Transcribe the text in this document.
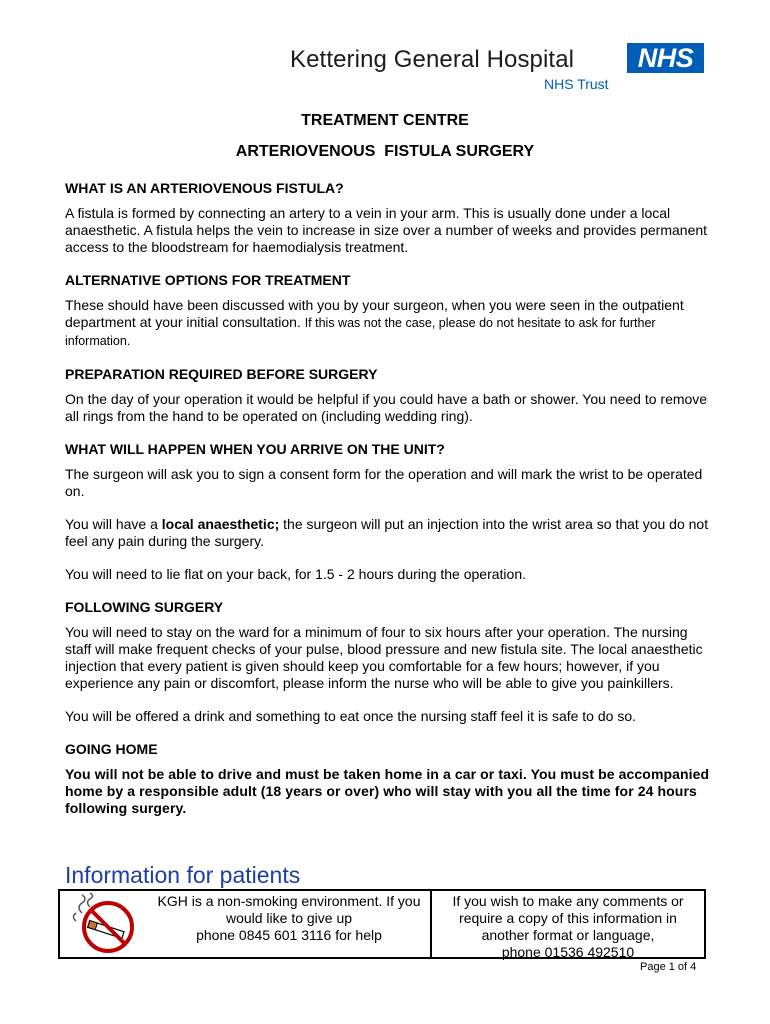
Kettering General Hospital	NHS
NHS Trust
TREATMENT CENTRE
ARTERIOVENOUS  FISTULA SURGERY
WHAT IS AN ARTERIOVENOUS FISTULA?

A fistula is formed by connecting an artery to a vein in your arm. This is usually done under a local anaesthetic. A fistula helps the vein to increase in size over a number of weeks and provides permanent access to the bloodstream for haemodialysis treatment.

ALTERNATIVE OPTIONS FOR TREATMENT

These should have been discussed with you by your surgeon, when you were seen in the outpatient department at your initial consultation. If this was not the case, please do not hesitate to ask for further information.

PREPARATION REQUIRED BEFORE SURGERY

On the day of your operation it would be helpful if you could have a bath or shower. You need to remove all rings from the hand to be operated on (including wedding ring).

WHAT WILL HAPPEN WHEN YOU ARRIVE ON THE UNIT?

The surgeon will ask you to sign a consent form for the operation and will mark the wrist to be operated on.

You will have a local anaesthetic; the surgeon will put an injection into the wrist area so that you do not feel any pain during the surgery.

You will need to lie flat on your back, for 1.5 - 2 hours during the operation.

FOLLOWING SURGERY

You will need to stay on the ward for a minimum of four to six hours after your operation. The nursing staff will make frequent checks of your pulse, blood pressure and new fistula site. The local anaesthetic injection that every patient is given should keep you comfortable for a few hours; however, if you experience any pain or discomfort, please inform the nurse who will be able to give you painkillers.

You will be offered a drink and something to eat once the nursing staff feel it is safe to do so.

GOING HOME

You will not be able to drive and must be taken home in a car or taxi. You must be accompanied home by a responsible adult (18 years or over) who will stay with you all the time for 24 hours following surgery.

Information for patients
KGH is a non-smoking environment. If you would like to give up
phone 0845 601 3116 for help
If you wish to make any comments or require a copy of this information in another format or language,
phone 01536 492510
Page 1 of 4
